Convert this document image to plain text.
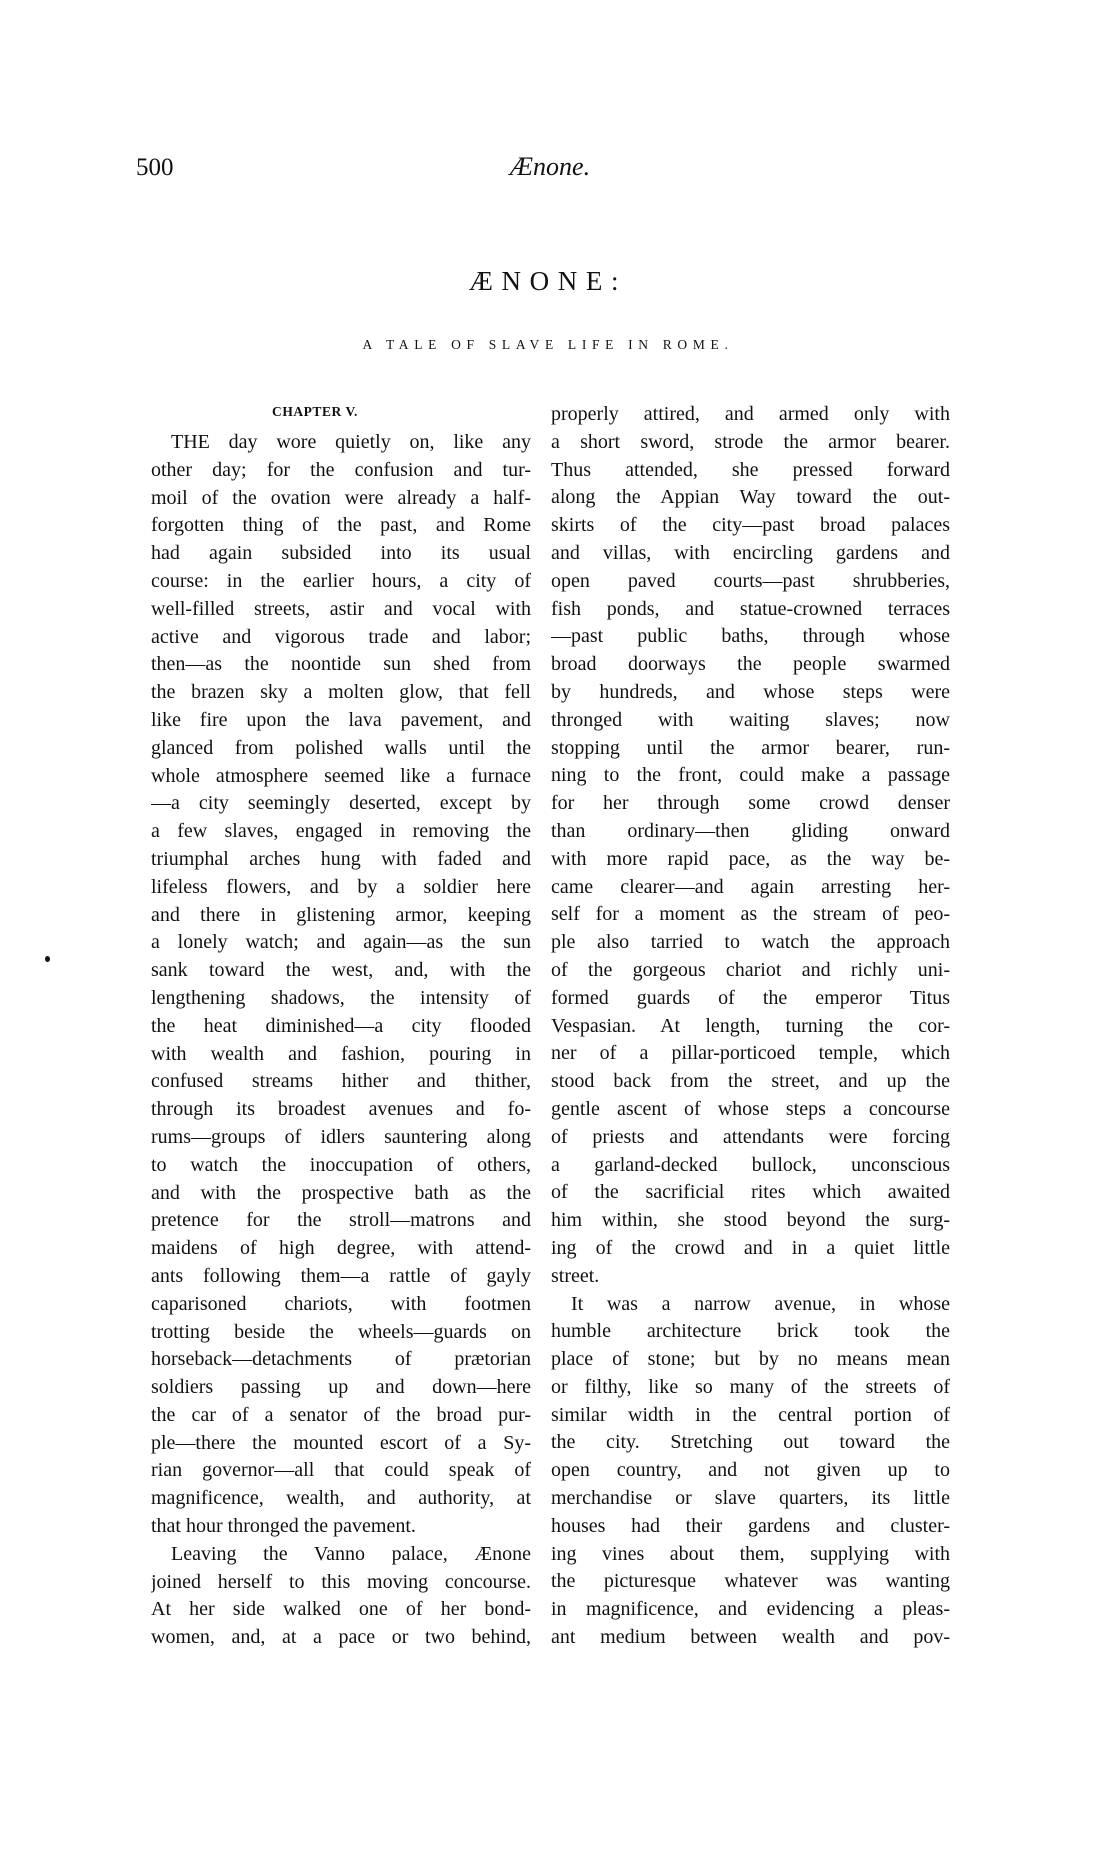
500	Ænone.
ÆNONE:
A TALE OF SLAVE LIFE IN ROME.
CHAPTER V.
THE day wore quietly on, like any
other day; for the confusion and tur-
moil of the ovation were already a half-
forgotten thing of the past, and Rome
had again subsided into its usual
course: in the earlier hours, a city of
well-filled streets, astir and vocal with
active and vigorous trade and labor;
then—as the noontide sun shed from
the brazen sky a molten glow, that fell
like fire upon the lava pavement, and
glanced from polished walls until the
whole atmosphere seemed like a furnace
—a city seemingly deserted, except by
a few slaves, engaged in removing the
triumphal arches hung with faded and
lifeless flowers, and by a soldier here
and there in glistening armor, keeping
a lonely watch; and again—as the sun
sank toward the west, and, with the
lengthening shadows, the intensity of
the heat diminished—a city flooded
with wealth and fashion, pouring in
confused streams hither and thither,
through its broadest avenues and fo-
rums—groups of idlers sauntering along
to watch the inoccupation of others,
and with the prospective bath as the
pretence for the stroll—matrons and
maidens of high degree, with attend-
ants following them—a rattle of gayly
caparisoned chariots, with footmen
trotting beside the wheels—guards on
horseback—detachments of prætorian
soldiers passing up and down—here
the car of a senator of the broad pur-
ple—there the mounted escort of a Sy-
rian governor—all that could speak of
magnificence, wealth, and authority, at
that hour thronged the pavement.
Leaving the Vanno palace, Ænone
joined herself to this moving concourse.
At her side walked one of her bond-
women, and, at a pace or two behind,
properly attired, and armed only with
a short sword, strode the armor bearer.
Thus attended, she pressed forward
along the Appian Way toward the out-
skirts of the city—past broad palaces
and villas, with encircling gardens and
open paved courts—past shrubberies,
fish ponds, and statue-crowned terraces
—past public baths, through whose
broad doorways the people swarmed
by hundreds, and whose steps were
thronged with waiting slaves; now
stopping until the armor bearer, run-
ning to the front, could make a passage
for her through some crowd denser
than ordinary—then gliding onward
with more rapid pace, as the way be-
came clearer—and again arresting her-
self for a moment as the stream of peo-
ple also tarried to watch the approach
of the gorgeous chariot and richly uni-
formed guards of the emperor Titus
Vespasian. At length, turning the cor-
ner of a pillar-porticoed temple, which
stood back from the street, and up the
gentle ascent of whose steps a concourse
of priests and attendants were forcing
a garland-decked bullock, unconscious
of the sacrificial rites which awaited
him within, she stood beyond the surg-
ing of the crowd and in a quiet little
street.
It was a narrow avenue, in whose
humble architecture brick took the
place of stone; but by no means mean
or filthy, like so many of the streets of
similar width in the central portion of
the city. Stretching out toward the
open country, and not given up to
merchandise or slave quarters, its little
houses had their gardens and cluster-
ing vines about them, supplying with
the picturesque whatever was wanting
in magnificence, and evidencing a pleas-
ant medium between wealth and pov-
